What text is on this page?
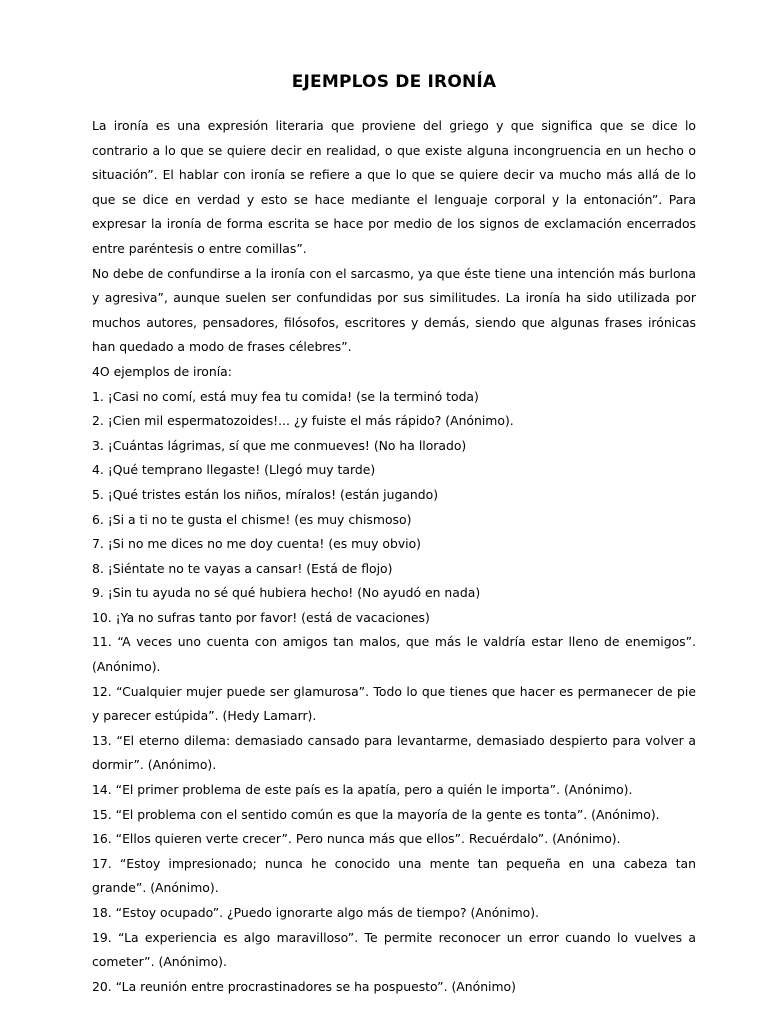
EJEMPLOS DE IRONÍA

La ironía es una expresión literaria que proviene del griego y que significa que se dice lo contrario a lo que se quiere decir en realidad, o que existe alguna incongruencia en un hecho o situación”. El hablar con ironía se refiere a que lo que se quiere decir va mucho más allá de lo que se dice en verdad y esto se hace mediante el lenguaje corporal y la entonación”. Para expresar la ironía de forma escrita se hace por medio de los signos de exclamación encerrados entre paréntesis o entre comillas”.

No debe de confundirse a la ironía con el sarcasmo, ya que éste tiene una intención más burlona y agresiva”, aunque suelen ser confundidas por sus similitudes. La ironía ha sido utilizada por muchos autores, pensadores, filósofos, escritores y demás, siendo que algunas frases irónicas han quedado a modo de frases célebres”.

4O ejemplos de ironía:

1. ¡Casi no comí, está muy fea tu comida! (se la terminó toda)
2. ¡Cien mil espermatozoides!... ¿y fuiste el más rápido? (Anónimo).
3. ¡Cuántas lágrimas, sí que me conmueves! (No ha llorado)
4. ¡Qué temprano llegaste! (Llegó muy tarde)
5. ¡Qué tristes están los niños, míralos! (están jugando)
6. ¡Si a ti no te gusta el chisme! (es muy chismoso)
7. ¡Si no me dices no me doy cuenta! (es muy obvio)
8. ¡Siéntate no te vayas a cansar! (Está de flojo)
9. ¡Sin tu ayuda no sé qué hubiera hecho! (No ayudó en nada)
10. ¡Ya no sufras tanto por favor! (está de vacaciones)
11. “A veces uno cuenta con amigos tan malos, que más le valdría estar lleno de enemigos”. (Anónimo).
12. “Cualquier mujer puede ser glamurosa”. Todo lo que tienes que hacer es permanecer de pie y parecer estúpida”. (Hedy Lamarr).
13. “El eterno dilema: demasiado cansado para levantarme, demasiado despierto para volver a dormir”. (Anónimo).
14. “El primer problema de este país es la apatía, pero a quién le importa”. (Anónimo).
15. “El problema con el sentido común es que la mayoría de la gente es tonta”. (Anónimo).
16. “Ellos quieren verte crecer”. Pero nunca más que ellos”. Recuérdalo”. (Anónimo).
17. “Estoy impresionado; nunca he conocido una mente tan pequeña en una cabeza tan grande”. (Anónimo).
18. “Estoy ocupado”. ¿Puedo ignorarte algo más de tiempo? (Anónimo).
19. “La experiencia es algo maravilloso”. Te permite reconocer un error cuando lo vuelves a cometer”. (Anónimo).
20. “La reunión entre procrastinadores se ha pospuesto”. (Anónimo)
